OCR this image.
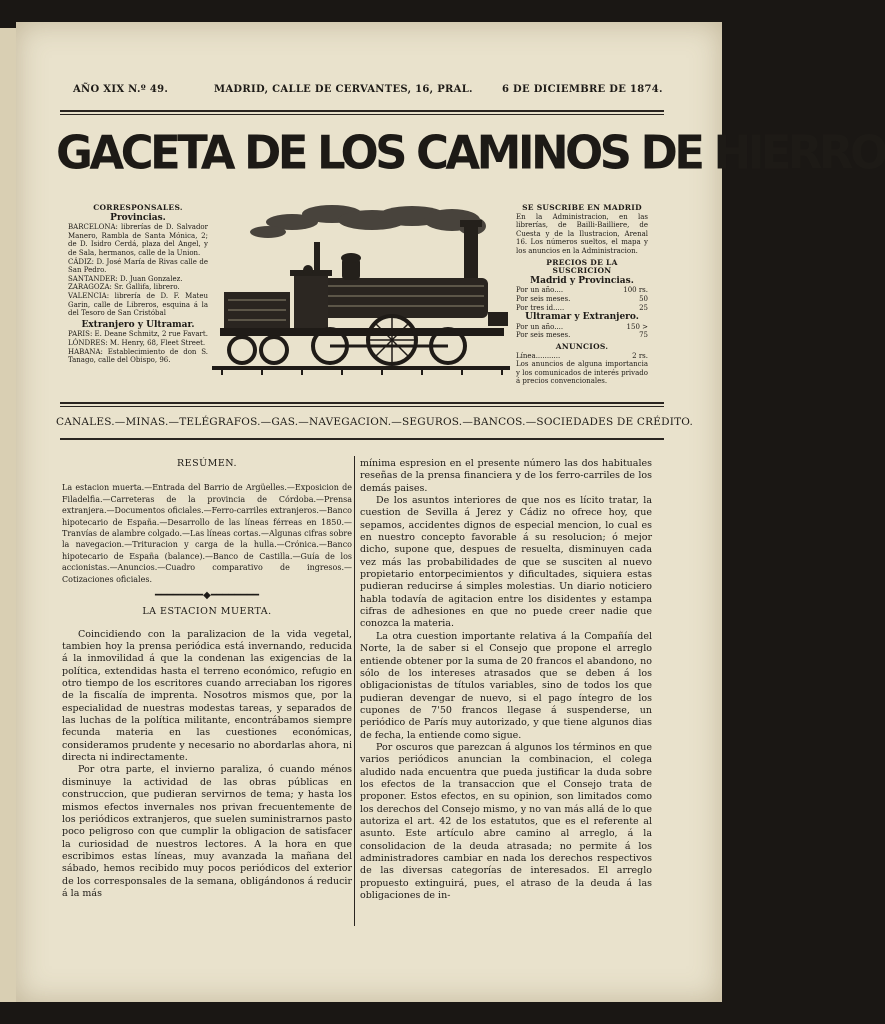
AÑO XIX N.º 49.	MADRID, CALLE DE CERVANTES, 16, PRAL.	6 DE DICIEMBRE DE 1874.
GACETA DE LOS CAMINOS DE HIERRO
CORRESPONSALES.
Provincias.

BARCELONA: librerías de D. Salvador Manero, Rambla de Santa Mónica, 2; de D. Isidro Cerdá, plaza del Angel, y de Sala, hermanos, calle de la Union.

CÁDIZ: D. José María de Rivas calle de San Pedro.

SANTANDER: D. Juan Gonzalez.

ZARAGOZA: Sr. Gallifa, librero.

VALENCIA: librería de D. F. Mateu Garin, calle de Libreros, esquina á la del Tesoro de San Cristóbal

Extranjero y Ultramar.

PARIS: E. Deane Schmitz, 2 rue Favart.

LÓNDRES: M. Henry, 68, Fleet Street.

HABANA: Establecimiento de don S. Tanago, calle del Obispo, 96.

SE SUSCRIBE EN MADRID

En la Administracion, en las librerías, de Bailli-Bailliere, de Cuesta y de la Ilustracion, Arenal 16. Los números sueltos, el mapa y los anuncios en la Administracion.

PRECIOS DE LA SUSCRICION
Madrid y Provincias.
Por un año....	100 rs.
Por seis meses.	50
Por tres id.....	25
Ultramar y Extranjero.
Por un año....	150 >
Por seis meses.	75
ANUNCIOS.
Línea...........	2 rs.

Los anuncios de alguna importancia y los comunicados de interés privado á precios convencionales.

CANALES.—MINAS.—TELÉGRAFOS.—GAS.—NAVEGACION.—SEGUROS.—BANCOS.—SOCIEDADES DE CRÉDITO.
RESÚMEN.
La estacion muerta.—Entrada del Barrio de Argüelles.—Exposicion de Filadelfia.—Carreteras de la provincia de Córdoba.—Prensa extranjera.—Documentos oficiales.—Ferro-carriles extranjeros.—Banco hipotecario de España.—Desarrollo de las líneas férreas en 1850.—Tranvías de alambre colgado.—Las líneas cortas.—Algunas cifras sobre la navegacion.—Trituracion y carga de la hulla.—Crónica.—Banco hipotecario de España (balance).—Banco de Castilla.—Guía de los accionistas.—Anuncios.—Cuadro comparativo de ingresos.—Cotizaciones oficiales.
━━━━━━━━◆━━━━━━━━
LA ESTACION MUERTA.

Coincidiendo con la paralizacion de la vida vegetal, tambien hoy la prensa periódica está invernando, reducida á la inmovilidad á que la condenan las exigencias de la política, extendidas hasta el terreno económico, refugio en otro tiempo de los escritores cuando arreciaban los rigores de la fiscalía de imprenta. Nosotros mismos que, por la especialidad de nuestras modestas tareas, y separados de las luchas de la política militante, encontrábamos siempre fecunda materia en las cuestiones económicas, consideramos prudente y necesario no abordarlas ahora, ni directa ni indirectamente.

Por otra parte, el invierno paraliza, ó cuando ménos disminuye la actividad de las obras públicas en construccion, que pudieran servirnos de tema; y hasta los mismos efectos invernales nos privan frecuentemente de los periódicos extranjeros, que suelen suministrarnos pasto poco peligroso con que cumplir la obligacion de satisfacer la curiosidad de nuestros lectores. A la hora en que escribimos estas líneas, muy avanzada la mañana del sábado, hemos recibido muy pocos periódicos del exterior de los corresponsales de la semana, obligándonos á reducir á la más

mínima espresion en el presente número las dos habituales reseñas de la prensa financiera y de los ferro-carriles de los demás paises.

De los asuntos interiores de que nos es lícito tratar, la cuestion de Sevilla á Jerez y Cádiz no ofrece hoy, que sepamos, accidentes dignos de especial mencion, lo cual es en nuestro concepto favorable á su resolucion; ó mejor dicho, supone que, despues de resuelta, disminuyen cada vez más las probabilidades de que se susciten al nuevo propietario entorpecimientos y dificultades, siquiera estas pudieran reducirse á simples molestias. Un diario noticiero habla todavía de agitacion entre los disidentes y estampa cifras de adhesiones en que no puede creer nadie que conozca la materia.

La otra cuestion importante relativa á la Compañía del Norte, la de saber si el Consejo que propone el arreglo entiende obtener por la suma de 20 francos el abandono, no sólo de los intereses atrasados que se deben á los obligacionistas de títulos variables, sino de todos los que pudieran devengar de nuevo, si el pago íntegro de los cupones de 7'50 francos llegase á suspenderse, un periódico de París muy autorizado, y que tiene algunos dias de fecha, la entiende como sigue.

Por oscuros que parezcan á algunos los términos en que varios periódicos anuncian la combinacion, el colega aludido nada encuentra que pueda justificar la duda sobre los efectos de la transaccion que el Consejo trata de proponer. Estos efectos, en su opinion, son limitados como los derechos del Consejo mismo, y no van más allá de lo que autoriza el art. 42 de los estatutos, que es el referente al asunto. Este artículo abre camino al arreglo, á la consolidacion de la deuda atrasada; no permite á los administradores cambiar en nada los derechos respectivos de las diversas categorías de interesados. El arreglo propuesto extinguirá, pues, el atraso de la deuda á las obligaciones de in-
